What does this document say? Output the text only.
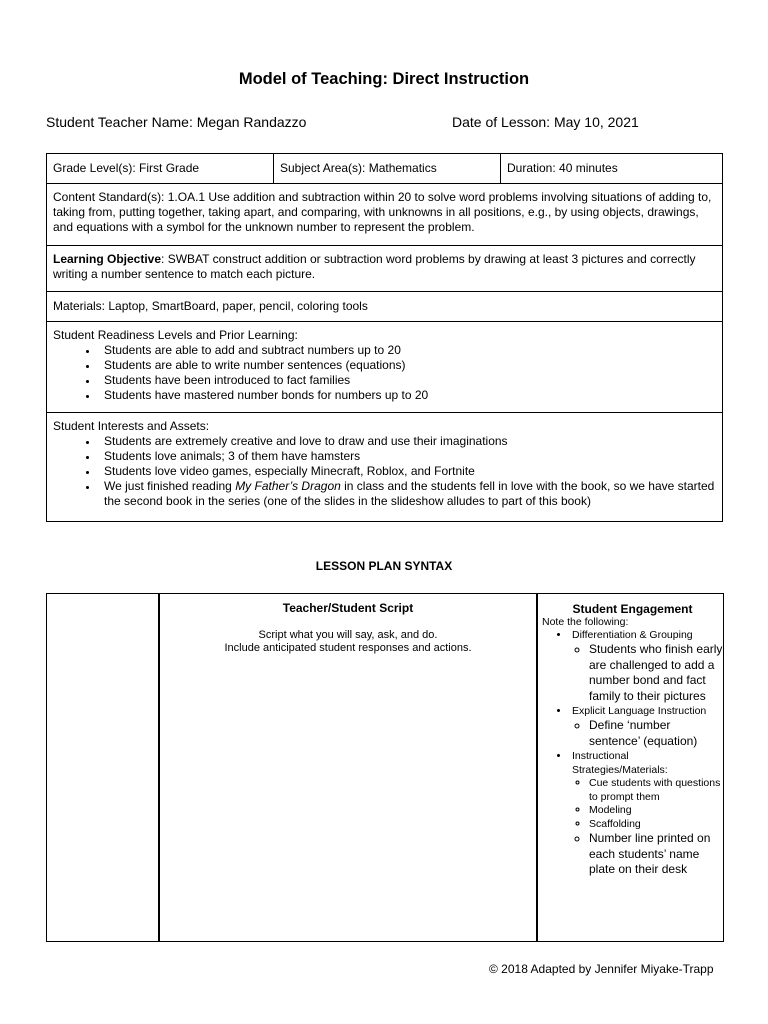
Model of Teaching: Direct Instruction
Student Teacher Name: Megan Randazzo	Date of Lesson: May 10, 2021
Grade Level(s): First Grade	Subject Area(s): Mathematics	Duration: 40 minutes
Content Standard(s): 1.OA.1 Use addition and subtraction within 20 to solve word problems involving situations of adding to, taking from, putting together, taking apart, and comparing, with unknowns in all positions, e.g., by using objects, drawings, and equations with a symbol for the unknown number to represent the problem.
Learning Objective: SWBAT construct addition or subtraction word problems by drawing at least 3 pictures and correctly writing a number sentence to match each picture.
Materials: Laptop, SmartBoard, paper, pencil, coloring tools

Student Readiness Levels and Prior Learning:
• Students are able to add and subtract numbers up to 20
• Students are able to write number sentences (equations)
• Students have been introduced to fact families
• Students have mastered number bonds for numbers up to 20

Student Interests and Assets:
• Students are extremely creative and love to draw and use their imaginations
• Students love animals; 3 of them have hamsters
• Students love video games, especially Minecraft, Roblox, and Fortnite
• We just finished reading My Father’s Dragon in class and the students fell in love with the book, so we have started the second book in the series (one of the slides in the slideshow alludes to part of this book)
LESSON PLAN SYNTAX

Teacher/Student Script
Script what you will say, ask, and do.
Include anticipated student responses and actions.

Student Engagement
Note the following:
• Differentiation & Grouping
◦ Students who finish early are challenged to add a number bond and fact family to their pictures
• Explicit Language Instruction
◦ Define ‘number sentence’ (equation)
• Instructional Strategies/Materials:
◦ Cue students with questions to prompt them
◦ Modeling
◦ Scaffolding
◦ Number line printed on each students’ name plate on their desk
© 2018 Adapted by Jennifer Miyake-Trapp
